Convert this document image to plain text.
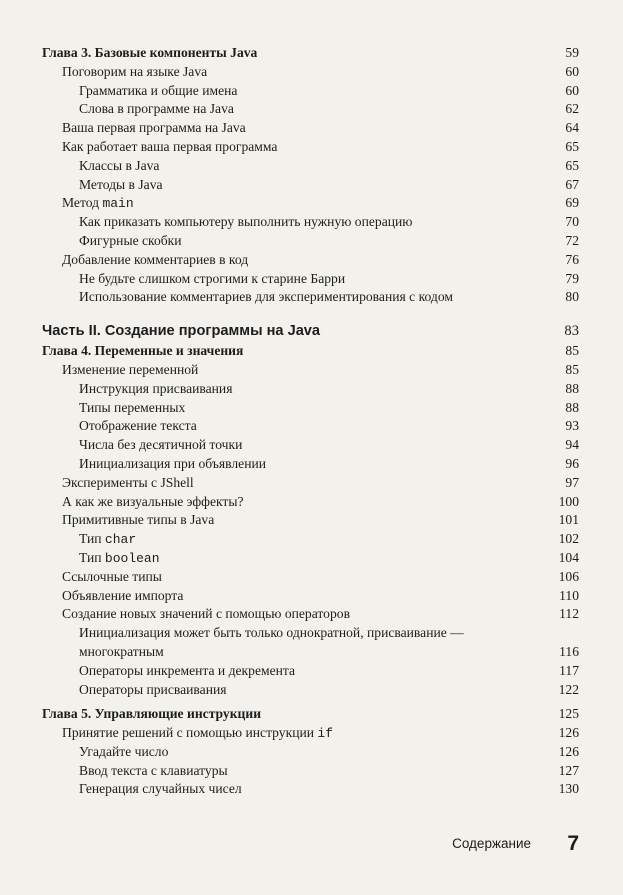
Глава 3. Базовые компоненты Java	59
Поговорим на языке Java	60
Грамматика и общие имена	60
Слова в программе на Java	62
Ваша первая программа на Java	64
Как работает ваша первая программа	65
Классы в Java	65
Методы в Java	67
Метод main	69
Как приказать компьютеру выполнить нужную операцию	70
Фигурные скобки	72
Добавление комментариев в код	76
Не будьте слишком строгими к старине Барри	79
Использование комментариев для экспериментирования с кодом	80
Часть II. Создание программы на Java	83
Глава 4. Переменные и значения	85
Изменение переменной	85
Инструкция присваивания	88
Типы переменных	88
Отображение текста	93
Числа без десятичной точки	94
Инициализация при объявлении	96
Эксперименты с JShell	97
А как же визуальные эффекты?	100
Примитивные типы в Java	101
Тип char	102
Тип boolean	104
Ссылочные типы	106
Объявление импорта	110
Создание новых значений с помощью операторов	112
Инициализация может быть только однократной, присваивание — многократным	116
Операторы инкремента и декремента	117
Операторы присваивания	122
Глава 5. Управляющие инструкции	125
Принятие решений с помощью инструкции if	126
Угадайте число	126
Ввод текста с клавиатуры	127
Генерация случайных чисел	130
Содержание 7
